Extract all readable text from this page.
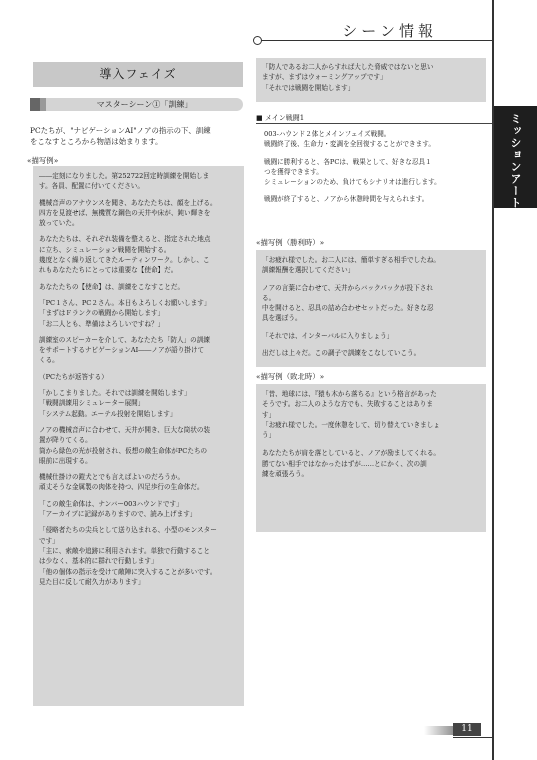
シーン情報
ミッションアート
導入フェイズ
マスターシーン①「訓練」
PCたちが、"ナビゲーションAI"ノアの指示の下、訓練
をこなすところから物語は始まります。
«描写例»

――定刻になりました。第252722回定時訓練を開始しま
す。各員、配置に付いてください。

機械音声のアナウンスを聞き、あなたたちは、顔を上げる。
四方を見渡せば、無機質な鋼色の天井や床が、鈍い輝きを
放っていた。

あなたたちは、それぞれ装備を整えると、指定された地点
に立ち、シミュレーション戦闘を開始する。
幾度となく繰り返してきたルーティンワーク。しかし、こ
れもあなたたちにとっては重要な【使命】だ。

あなたたちの【使命】は、訓練をこなすことだ。

「PC１さん、PC２さん。本日もよろしくお願いします」
「まずはＦランクの戦闘から開始します」
「お二人とも、準備はよろしいですね？」

訓練室のスピーカーを介して、あなたたち「防人」の訓練
をサポートするナビゲーションAI――ノアが語り掛けて
くる。

（PCたちが返答する）

「かしこまりました。それでは訓練を開始します」
「戦闘訓練用シミュレーター展開」
「システム起動。エーテル投射を開始します」

ノアの機械音声に合わせて、天井が開き、巨大な筒状の装
置が降りてくる。
筒から緑色の光が投射され、仮想の敵生命体がPCたちの
眼前に出現する。

機械仕掛けの鎧犬とでも言えばよいのだろうか。
頑丈そうな金属製の肉体を持つ、四足歩行の生命体だ。

「この敵生命体は、ナンバー003ハウンドです」
「アーカイブに記録がありますので、読み上げます」

「侵略者たちの尖兵として送り込まれる、小型のモンスター
です」
「主に、索敵や追跡に利用されます。単独で行動すること
は少なく、基本的に群れで行動します」
「他の個体の指示を受けて敵陣に突入することが多いです。
見た目に反して耐久力があります」

「防人であるお二人からすれば大した脅威ではないと思い
ますが、まずはウォーミングアップです」
「それでは戦闘を開始します」
■ メイン戦闘1

003-ハウンド２体とメインフェイズ戦闘。
戦闘終了後、生命力・変調を全回復することができます。

戦闘に勝利すると、各PCは、戦果として、好きな忍具１
つを獲得できます。
シミュレーションのため、負けてもシナリオは進行します。

戦闘が終了すると、ノアから休憩時間を与えられます。

«描写例（勝利時）»

「お疲れ様でした。お二人には、簡単すぎる相手でしたね。
訓練報酬を選択してください」

ノアの言葉に合わせて、天井からバックパックが投下され
る。
中を開けると、忍具の詰め合わせセットだった。好きな忍
具を選ぼう。

「それでは、インターバルに入りましょう」

出だしは上々だ。この調子で訓練をこなしていこう。

«描写例（敗北時）»

「昔、地球には、『猿も木から落ちる』という格言があった
そうです。お二人のような方でも、失敗することはありま
す」
「お疲れ様でした。一度休憩をして、切り替えていきましょ
う」

あなたたちが肩を落としていると、ノアが励ましてくれる。
勝てない相手ではなかったはずが……とにかく、次の訓
練を頑張ろう。

11
